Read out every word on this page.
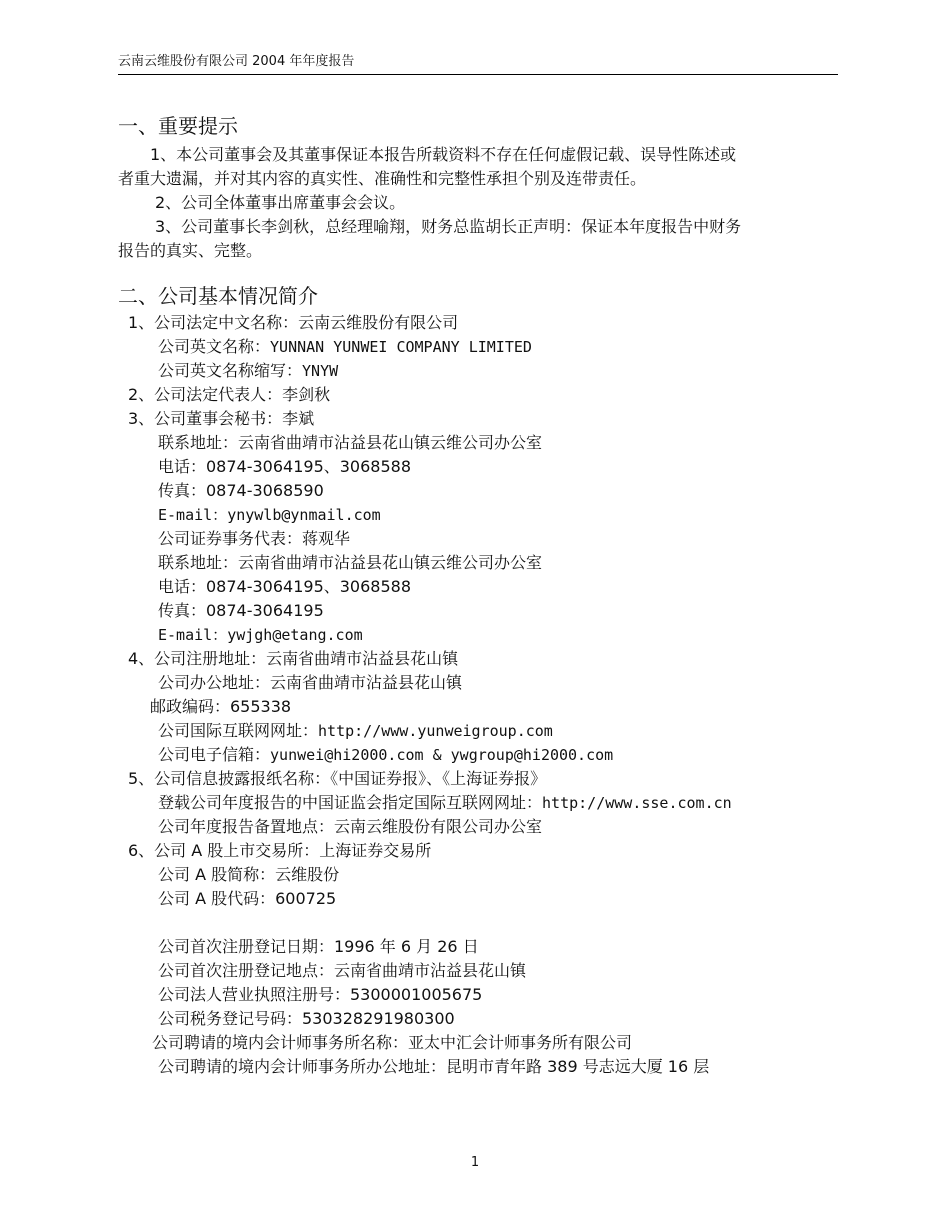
云南云维股份有限公司 2004 年年度报告
一、重要提示
1、本公司董事会及其董事保证本报告所载资料不存在任何虚假记载、误导性陈述或
者重大遗漏，并对其内容的真实性、准确性和完整性承担个别及连带责任。
2、公司全体董事出席董事会会议。
3、公司董事长李剑秋，总经理喻翔，财务总监胡长正声明：保证本年度报告中财务
报告的真实、完整。
二、公司基本情况简介
1、公司法定中文名称：云南云维股份有限公司
公司英文名称：YUNNAN YUNWEI COMPANY LIMITED
公司英文名称缩写：YNYW
2、公司法定代表人：李剑秋
3、公司董事会秘书：李斌
联系地址：云南省曲靖市沾益县花山镇云维公司办公室
电话：0874-3064195、3068588
传真：0874-3068590
E-mail：ynywlb@ynmail.com
公司证券事务代表：蒋观华
联系地址：云南省曲靖市沾益县花山镇云维公司办公室
电话：0874-3064195、3068588
传真：0874-3064195
E-mail：ywjgh@etang.com
4、公司注册地址：云南省曲靖市沾益县花山镇
公司办公地址：云南省曲靖市沾益县花山镇
邮政编码：655338
公司国际互联网网址：http://www.yunweigroup.com
公司电子信箱：yunwei@hi2000.com & ywgroup@hi2000.com
5、公司信息披露报纸名称：《中国证券报》、《上海证券报》
登载公司年度报告的中国证监会指定国际互联网网址：http://www.sse.com.cn
公司年度报告备置地点：云南云维股份有限公司办公室
6、公司 A 股上市交易所：上海证券交易所
公司 A 股简称：云维股份
公司 A 股代码：600725
公司首次注册登记日期：1996 年 6 月 26 日
公司首次注册登记地点：云南省曲靖市沾益县花山镇
公司法人营业执照注册号：5300001005675
公司税务登记号码：530328291980300
公司聘请的境内会计师事务所名称：亚太中汇会计师事务所有限公司
公司聘请的境内会计师事务所办公地址：昆明市青年路 389 号志远大厦 16 层
1
